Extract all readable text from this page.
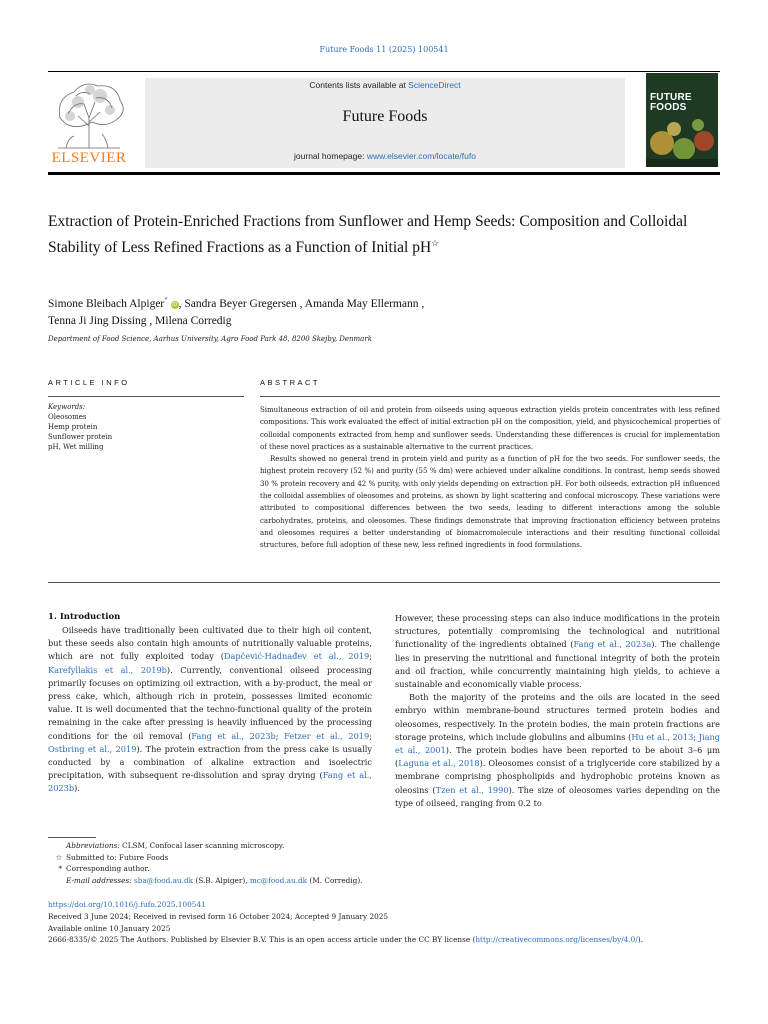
Future Foods 11 (2025) 100541
ELSEVIER
Contents lists available at ScienceDirect
Future Foods
journal homepage: www.elsevier.com/locate/fufo
FUTURE FOODS
Extraction of Protein-Enriched Fractions from Sunflower and Hemp Seeds: Composition and Colloidal Stability of Less Refined Fractions as a Function of Initial pH☆
Simone Bleibach Alpiger* iD , Sandra Beyer Gregersen , Amanda May Ellermann ,
Tenna Ji Jing Dissing , Milena Corredig
Department of Food Science, Aarhus University, Agro Food Park 48, 8200 Skejby, Denmark
ARTICLE INFO	ABSTRACT
Keywords:
Oleosomes
Hemp protein
Sunflower protein
pH, Wet milling

Simultaneous extraction of oil and protein from oilseeds using aqueous extraction yields protein concentrates with less refined compositions. This work evaluated the effect of initial extraction pH on the composition, yield, and physicochemical properties of colloidal components extracted from hemp and sunflower seeds. Understanding these differences is crucial for implementation of these novel practices as a sustainable alternative to the current practices.

Results showed no general trend in protein yield and purity as a function of pH for the two seeds. For sunflower seeds, the highest protein recovery (52 %) and purity (55 % dm) were achieved under alkaline conditions. In contrast, hemp seeds showed 30 % protein recovery and 42 % purity, with only yields depending on extraction pH. For both oilseeds, extraction pH influenced the colloidal assemblies of oleosomes and proteins, as shown by light scattering and confocal microscopy. These variations were attributed to compositional differences between the two seeds, leading to different interactions among the soluble carbohydrates, proteins, and oleosomes. These findings demonstrate that improving fractionation efficiency between proteins and oleosomes requires a better understanding of biomacromolecule interactions and their resulting functional colloidal structures, before full adoption of these new, less refined ingredients in food formulations.

1. Introduction

Oilseeds have traditionally been cultivated due to their high oil content, but these seeds also contain high amounts of nutritionally valuable proteins, which are not fully exploited today (Dapčević-Hadnađev et al., 2019; Karefyllakis et al., 2019b). Currently, conventional oilseed processing primarily focuses on optimizing oil extraction, with a by-product, the meal or press cake, which, although rich in protein, possesses limited economic value. It is well documented that the techno-functional quality of the protein remaining in the cake after pressing is heavily influenced by the processing conditions for the oil removal (Fang et al., 2023b; Fetzer et al., 2019; Ostbring et al., 2019). The protein extraction from the press cake is usually conducted by a combination of alkaline extraction and isoelectric precipitation, with subsequent re-dissolution and spray drying (Fang et al., 2023b).

However, these processing steps can also induce modifications in the protein structures, potentially compromising the technological and nutritional functionality of the ingredients obtained (Fang et al., 2023a). The challenge lies in preserving the nutritional and functional integrity of both the protein and oil fraction, while concurrently maintaining high yields, to achieve a sustainable and economically viable process.

Both the majority of the proteins and the oils are located in the seed embryo within membrane-bound structures termed protein bodies and oleosomes, respectively. In the protein bodies, the main protein fractions are storage proteins, which include globulins and albumins (Hu et al., 2013; Jiang et al., 2001). The protein bodies have been reported to be about 3–6 μm (Laguna et al., 2018). Oleosomes consist of a triglyceride core stabilized by a membrane comprising phospholipids and hydrophobic proteins known as oleosins (Tzen et al., 1990). The size of oleosomes varies depending on the type of oilseed, ranging from 0.2 to

Abbreviations: CLSM, Confocal laser scanning microscopy.
☆ Submitted to: Future Foods
* Corresponding author.
E-mail addresses: sba@food.au.dk (S.B. Alpiger), mc@food.au.dk (M. Corredig).
https://doi.org/10.1016/j.fufo.2025.100541
Received 3 June 2024; Received in revised form 16 October 2024; Accepted 9 January 2025
Available online 10 January 2025
2666-8335/© 2025 The Authors. Published by Elsevier B.V. This is an open access article under the CC BY license (http://creativecommons.org/licenses/by/4.0/).
